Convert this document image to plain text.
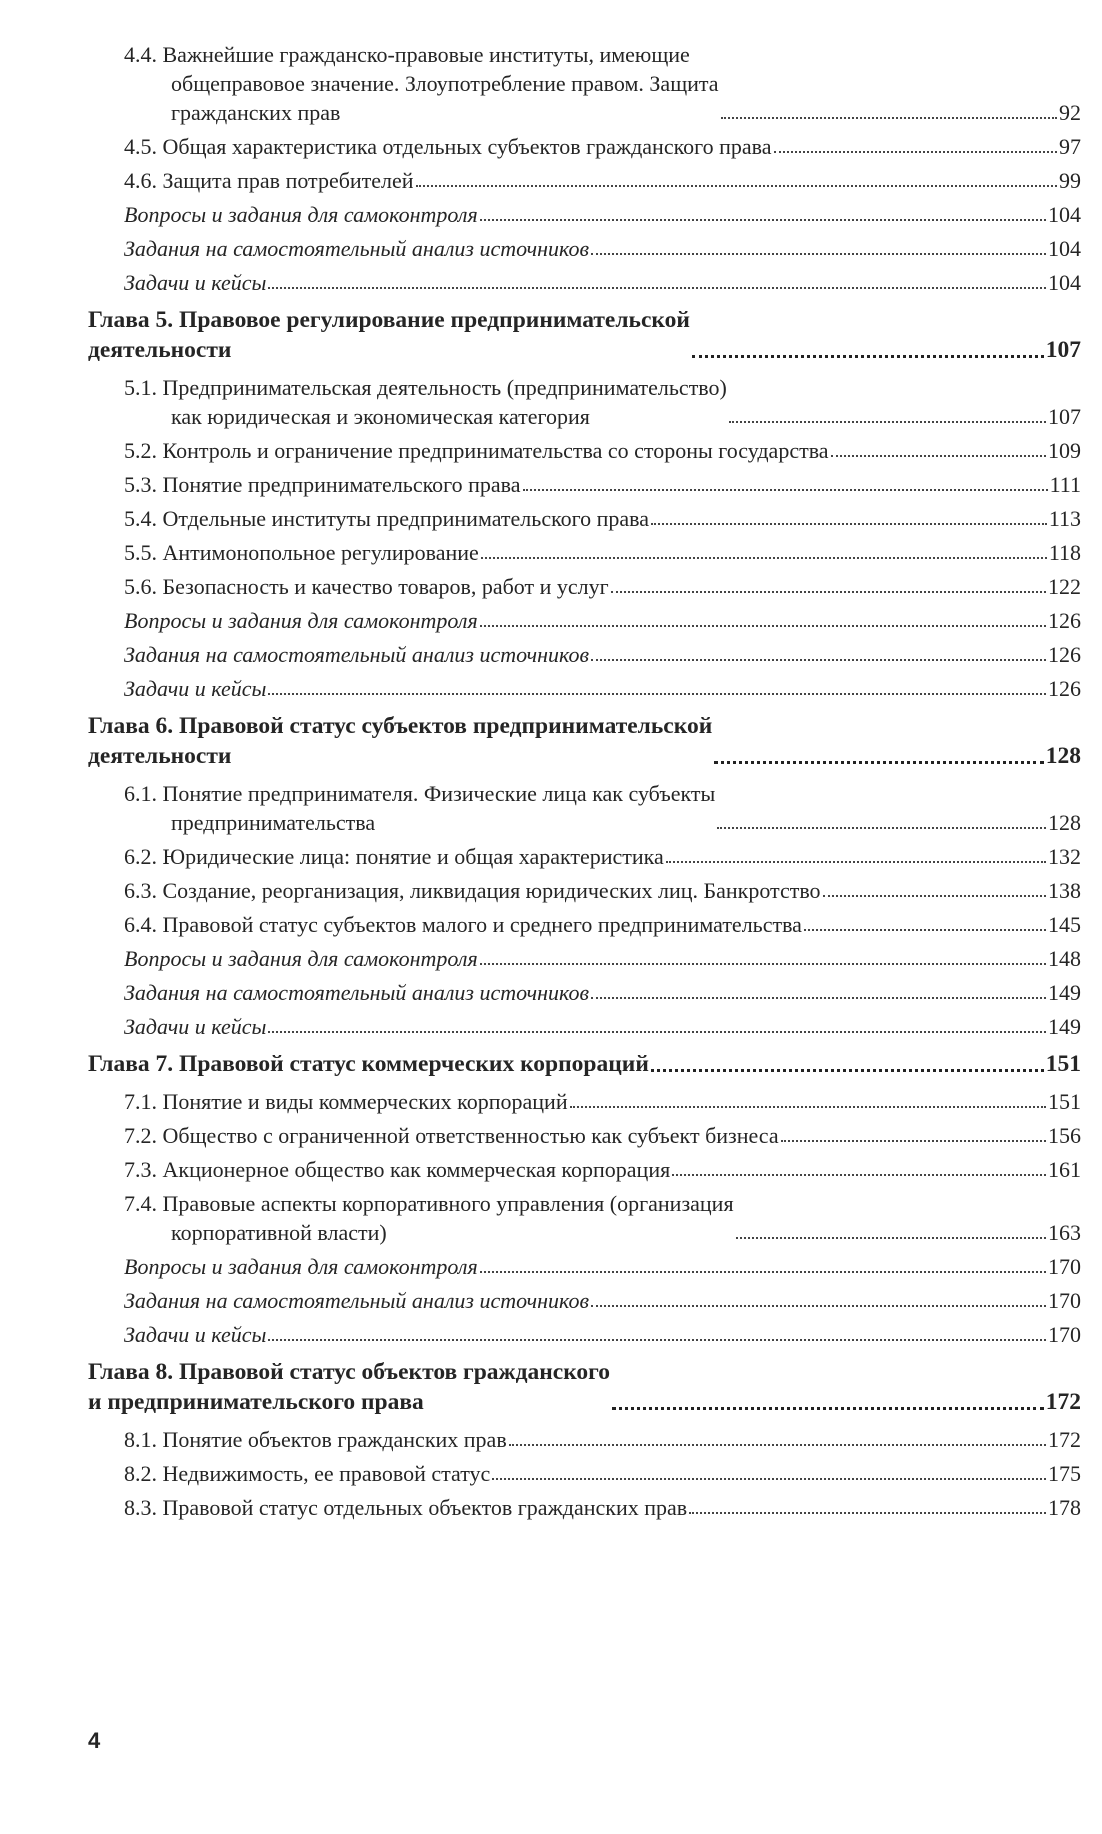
4.4. Важнейшие гражданско-правовые институты, имеющие
общеправовое значение. Злоупотребление правом. Защита
гражданских прав	92
4.5. Общая характеристика отдельных субъектов гражданского права	97
4.6. Защита прав потребителей	99
Вопросы и задания для самоконтроля	104
Задания на самостоятельный анализ источников	104
Задачи и кейсы	104
Глава 5. Правовое регулирование предпринимательской
деятельности	107
5.1. Предпринимательская деятельность (предпринимательство)
как юридическая и экономическая категория	107
5.2. Контроль и ограничение предпринимательства со стороны государства	109
5.3. Понятие предпринимательского права	111
5.4. Отдельные институты предпринимательского права	113
5.5. Антимонопольное регулирование	118
5.6. Безопасность и качество товаров, работ и услуг	122
Вопросы и задания для самоконтроля	126
Задания на самостоятельный анализ источников	126
Задачи и кейсы	126
Глава 6. Правовой статус субъектов предпринимательской
деятельности	128
6.1. Понятие предпринимателя. Физические лица как субъекты
предпринимательства	128
6.2. Юридические лица: понятие и общая характеристика	132
6.3. Создание, реорганизация, ликвидация юридических лиц. Банкротство	138
6.4. Правовой статус субъектов малого и среднего предпринимательства	145
Вопросы и задания для самоконтроля	148
Задания на самостоятельный анализ источников	149
Задачи и кейсы	149
Глава 7. Правовой статус коммерческих корпораций	151
7.1. Понятие и виды коммерческих корпораций	151
7.2. Общество с ограниченной ответственностью как субъект бизнеса	156
7.3. Акционерное общество как коммерческая корпорация	161
7.4. Правовые аспекты корпоративного управления (организация
корпоративной власти)	163
Вопросы и задания для самоконтроля	170
Задания на самостоятельный анализ источников	170
Задачи и кейсы	170
Глава 8. Правовой статус объектов гражданского
и предпринимательского права	172
8.1. Понятие объектов гражданских прав	172
8.2. Недвижимость, ее правовой статус	175
8.3. Правовой статус отдельных объектов гражданских прав	178
4
